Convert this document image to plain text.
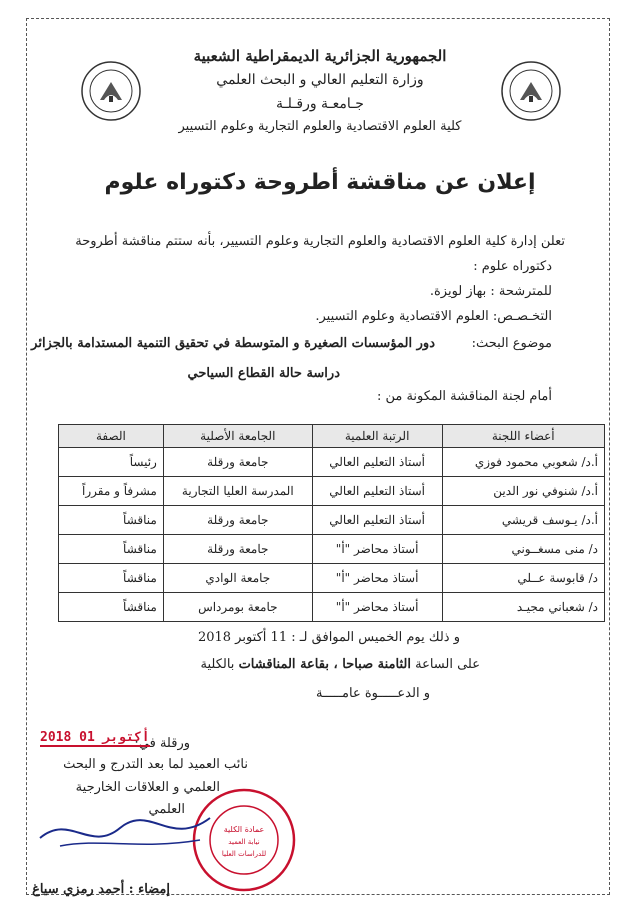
الجمهورية الجزائرية الديمقراطية الشعبية
وزارة التعليم العالي و البحث العلمي
جـامعـة ورقـلـة
كلية العلوم الاقتصادية والعلوم التجارية وعلوم التسيير
إعلان عن مناقشة أطروحة دكتوراه علوم
تعلن إدارة كلية العلوم الاقتصادية والعلوم التجارية وعلوم التسيير، بأنه ستتم مناقشة أطروحة
دكتوراه علوم :
للمترشحة : بهاز لويزة.
التخـصـص: العلوم الاقتصادية وعلوم التسيير.
موضوع البحث:
دور المؤسسات الصغيرة و المتوسطة في تحقيق التنمية المستدامة بالجزائر
دراسة حالة القطاع السياحي
أمام لجنة المناقشة المكونة من :
أعضاء اللجنة	الرتبة العلمية	الجامعة الأصلية	الصفة
أ.د/ شعوبي محمود فوزي	أستاذ التعليم العالي	جامعة ورقلة	رئيساً
أ.د/ شنوفي نور الدين	أستاذ التعليم العالي	المدرسة العليا التجارية	مشرفاً و مقرراً
أ.د/ يـوسف قريشي	أستاذ التعليم العالي	جامعة ورقلة	مناقشاً
د/ منى مسغــوني	أستاذ محاضر "أ"	جامعة ورقلة	مناقشاً
د/ قابوسة عــلي	أستاذ محاضر "أ"	جامعة الوادي	مناقشاً
د/ شعباني مجيـد	أستاذ محاضر "أ"	جامعة بومرداس	مناقشاً
و ذلك يوم الخميس الموافق لـ : 11 أكتوبر 2018
على الساعة الثامنة صباحا ، بقاعة المناقشات بالكلية
و الدعـــــوة عامـــــة
ورقلة في:
2018 أكتوبر 01
نائب العميد لما بعد التدرج و البحث
العلمي و العلاقات الخارجية
العلمي
عمادة الكلية
نيابة العميد
للدراسات العليا
إمضاء : أحمد رمزي سياغ
